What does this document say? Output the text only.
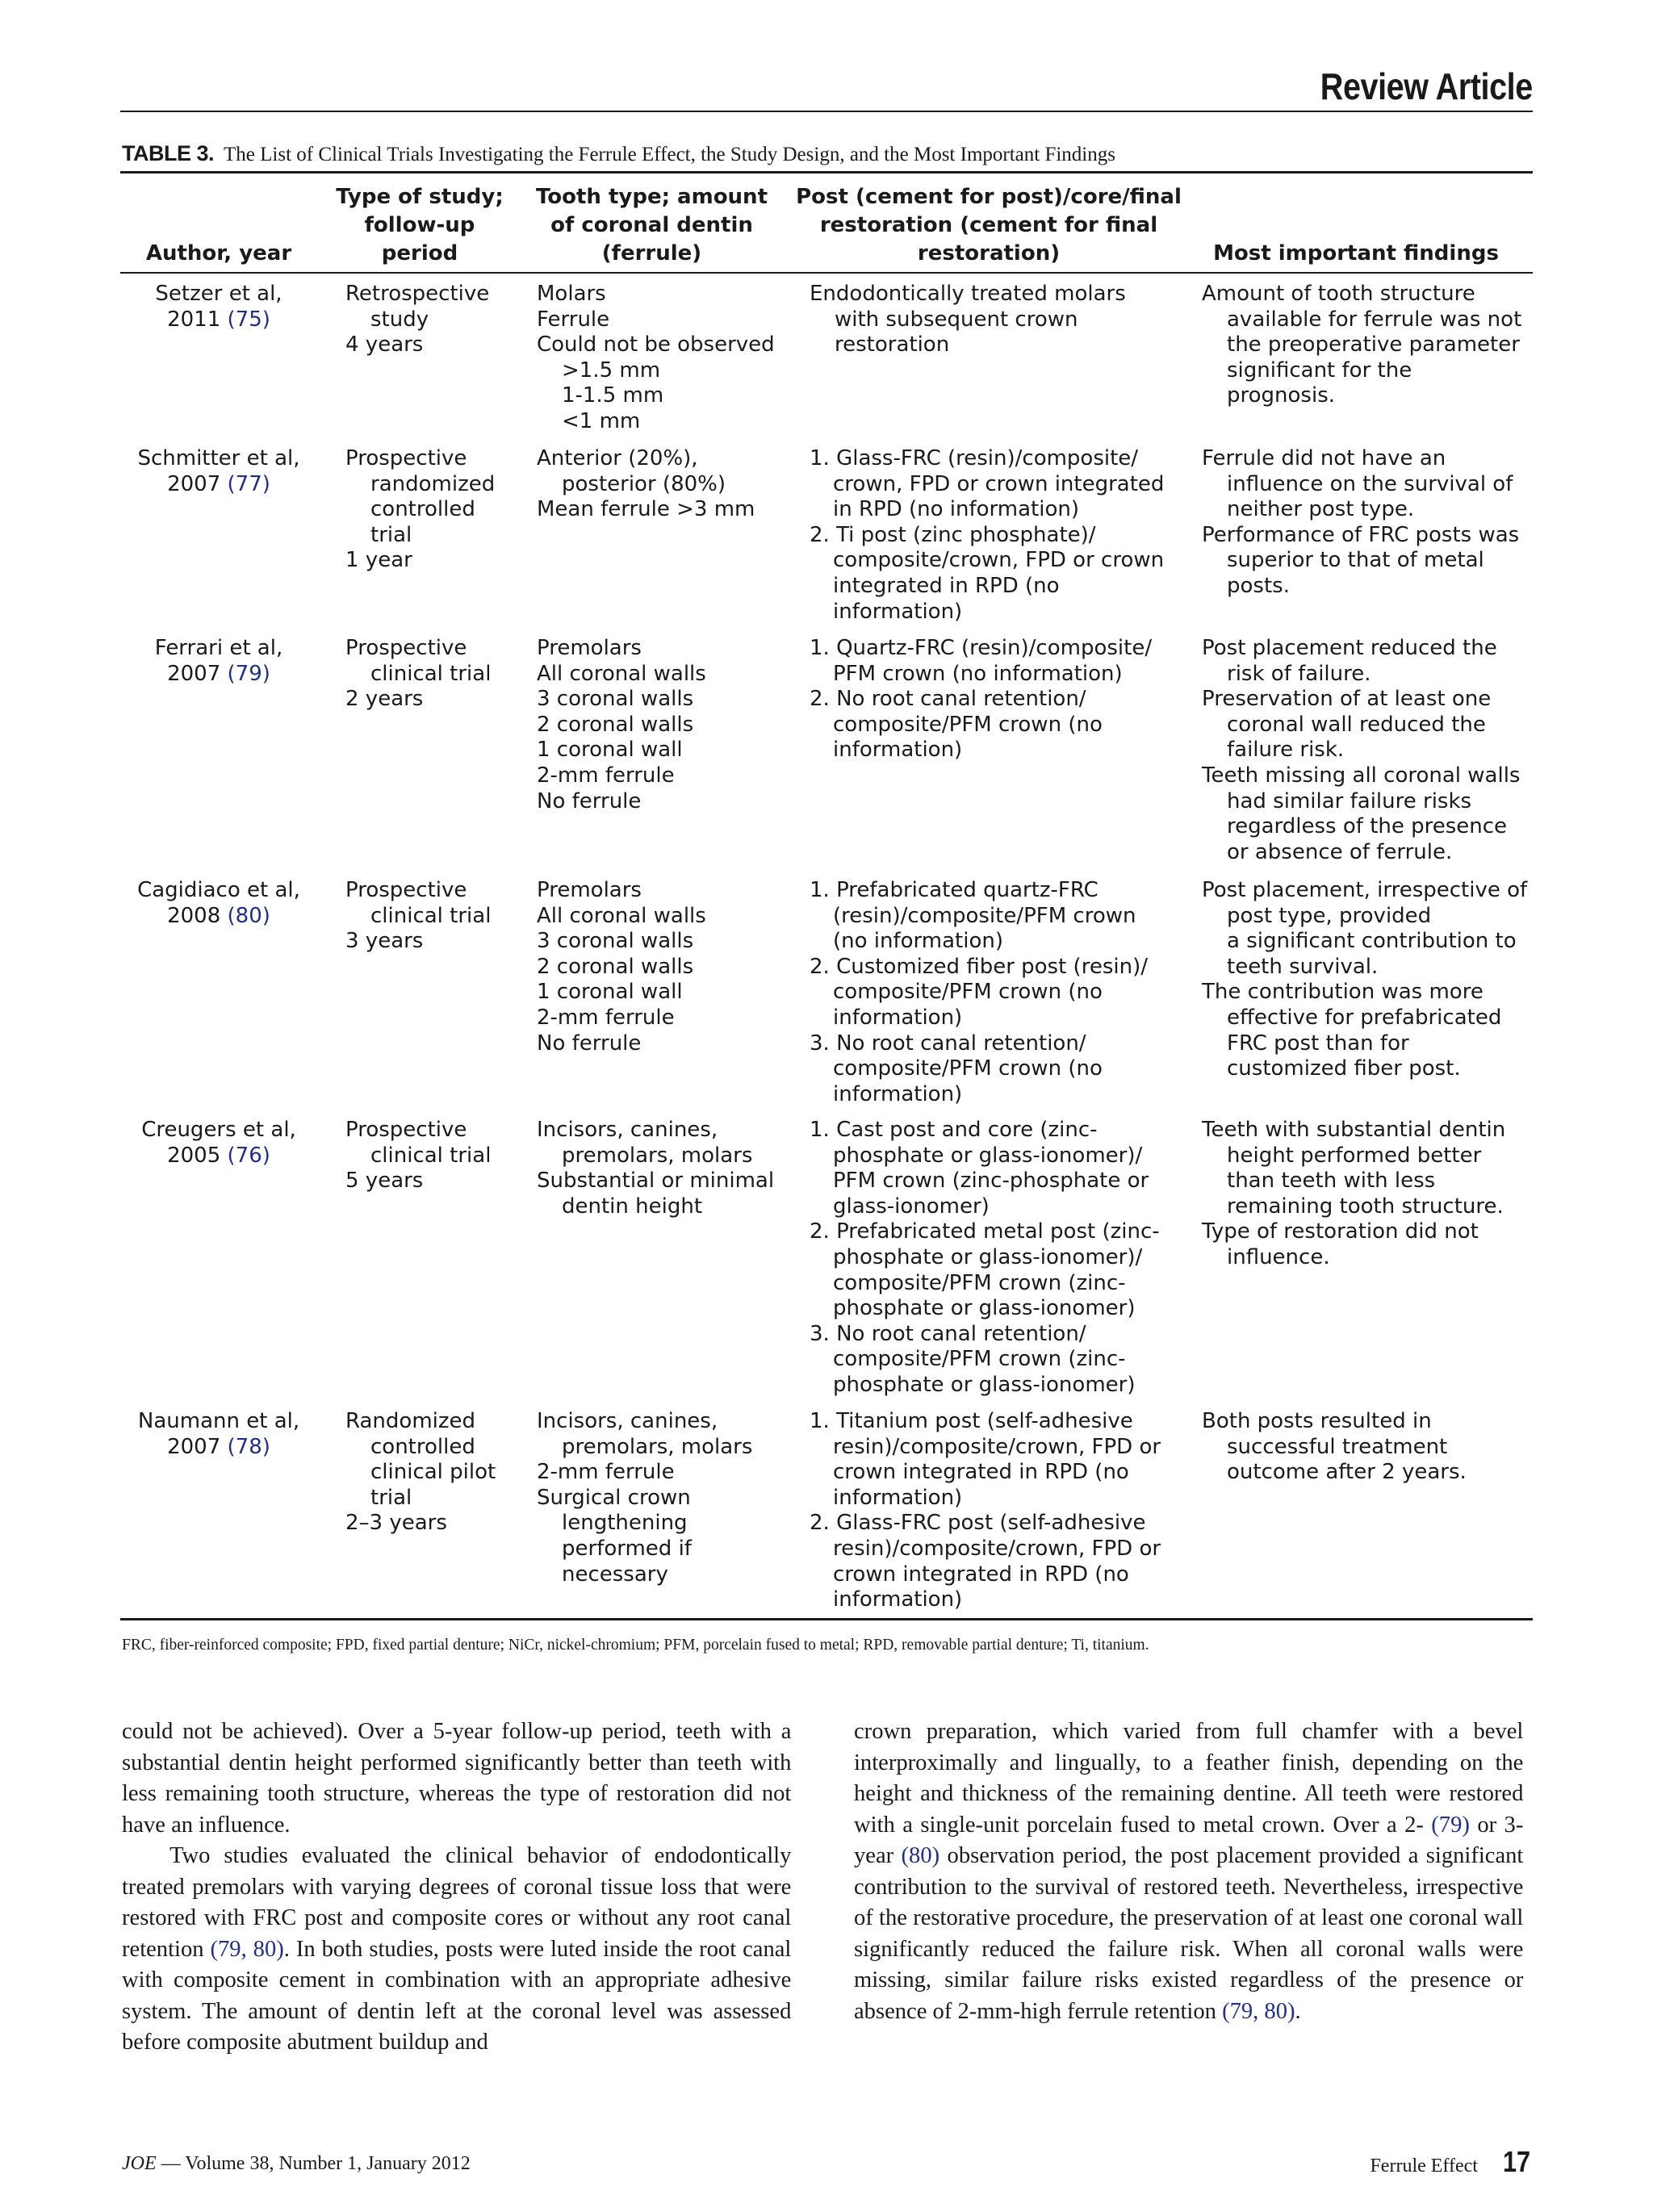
Review Article
TABLE 3. The List of Clinical Trials Investigating the Ferrule Effect, the Study Design, and the Most Important Findings
Author, year
Type of study;
follow-up
period
Tooth type; amount
of coronal dentin
(ferrule)
Post (cement for post)/core/final
restoration (cement for final
restoration)	Most important findings
Setzer et al,
2011 (75)
Retrospective
study
4 years
Molars
Ferrule
Could not be observed
>1.5 mm
1-1.5 mm
<1 mm
Endodontically treated molars
with subsequent crown
restoration
Amount of tooth structure
available for ferrule was not
the preoperative parameter
significant for the
prognosis.
Schmitter et al,
2007 (77)
Prospective
randomized
controlled
trial
1 year
Anterior (20%),
posterior (80%)
Mean ferrule >3 mm
1. Glass-FRC (resin)/composite/
crown, FPD or crown integrated
in RPD (no information)
2. Ti post (zinc phosphate)/
composite/crown, FPD or crown
integrated in RPD (no
information)
Ferrule did not have an
influence on the survival of
neither post type.
Performance of FRC posts was
superior to that of metal
posts.
Ferrari et al,
2007 (79)
Prospective
clinical trial
2 years
Premolars
All coronal walls
3 coronal walls
2 coronal walls
1 coronal wall
2-mm ferrule
No ferrule
1. Quartz-FRC (resin)/composite/
PFM crown (no information)
2. No root canal retention/
composite/PFM crown (no
information)
Post placement reduced the
risk of failure.
Preservation of at least one
coronal wall reduced the
failure risk.
Teeth missing all coronal walls
had similar failure risks
regardless of the presence
or absence of ferrule.
Cagidiaco et al,
2008 (80)
Prospective
clinical trial
3 years
Premolars
All coronal walls
3 coronal walls
2 coronal walls
1 coronal wall
2-mm ferrule
No ferrule
1. Prefabricated quartz-FRC
(resin)/composite/PFM crown
(no information)
2. Customized fiber post (resin)/
composite/PFM crown (no
information)
3. No root canal retention/
composite/PFM crown (no
information)
Post placement, irrespective of
post type, provided
a significant contribution to
teeth survival.
The contribution was more
effective for prefabricated
FRC post than for
customized fiber post.
Creugers et al,
2005 (76)
Prospective
clinical trial
5 years
Incisors, canines,
premolars, molars
Substantial or minimal
dentin height
1. Cast post and core (zinc-
phosphate or glass-ionomer)/
PFM crown (zinc-phosphate or
glass-ionomer)
2. Prefabricated metal post (zinc-
phosphate or glass-ionomer)/
composite/PFM crown (zinc-
phosphate or glass-ionomer)
3. No root canal retention/
composite/PFM crown (zinc-
phosphate or glass-ionomer)
Teeth with substantial dentin
height performed better
than teeth with less
remaining tooth structure.
Type of restoration did not
influence.
Naumann et al,
2007 (78)
Randomized
controlled
clinical pilot
trial
2–3 years
Incisors, canines,
premolars, molars
2-mm ferrule
Surgical crown
lengthening
performed if
necessary
1. Titanium post (self-adhesive
resin)/composite/crown, FPD or
crown integrated in RPD (no
information)
2. Glass-FRC post (self-adhesive
resin)/composite/crown, FPD or
crown integrated in RPD (no
information)
Both posts resulted in
successful treatment
outcome after 2 years.
FRC, fiber-reinforced composite; FPD, fixed partial denture; NiCr, nickel-chromium; PFM, porcelain fused to metal; RPD, removable partial denture; Ti, titanium.

could not be achieved). Over a 5-year follow-up period, teeth with a substantial dentin height performed significantly better than teeth with less remaining tooth structure, whereas the type of restoration did not have an influence.

Two studies evaluated the clinical behavior of endodontically treated premolars with varying degrees of coronal tissue loss that were restored with FRC post and composite cores or without any root canal retention (79, 80). In both studies, posts were luted inside the root canal with composite cement in combination with an appropriate adhesive system. The amount of dentin left at the coronal level was assessed before composite abutment buildup and

crown preparation, which varied from full chamfer with a bevel interproximally and lingually, to a feather finish, depending on the height and thickness of the remaining dentine. All teeth were restored with a single-unit porcelain fused to metal crown. Over a 2- (79) or 3-year (80) observation period, the post placement provided a significant contribution to the survival of restored teeth. Nevertheless, irrespective of the restorative procedure, the preservation of at least one coronal wall significantly reduced the failure risk. When all coronal walls were missing, similar failure risks existed regardless of the presence or absence of 2-mm-high ferrule retention (79, 80).

JOE — Volume 38, Number 1, January 2012	Ferrule Effect 17
